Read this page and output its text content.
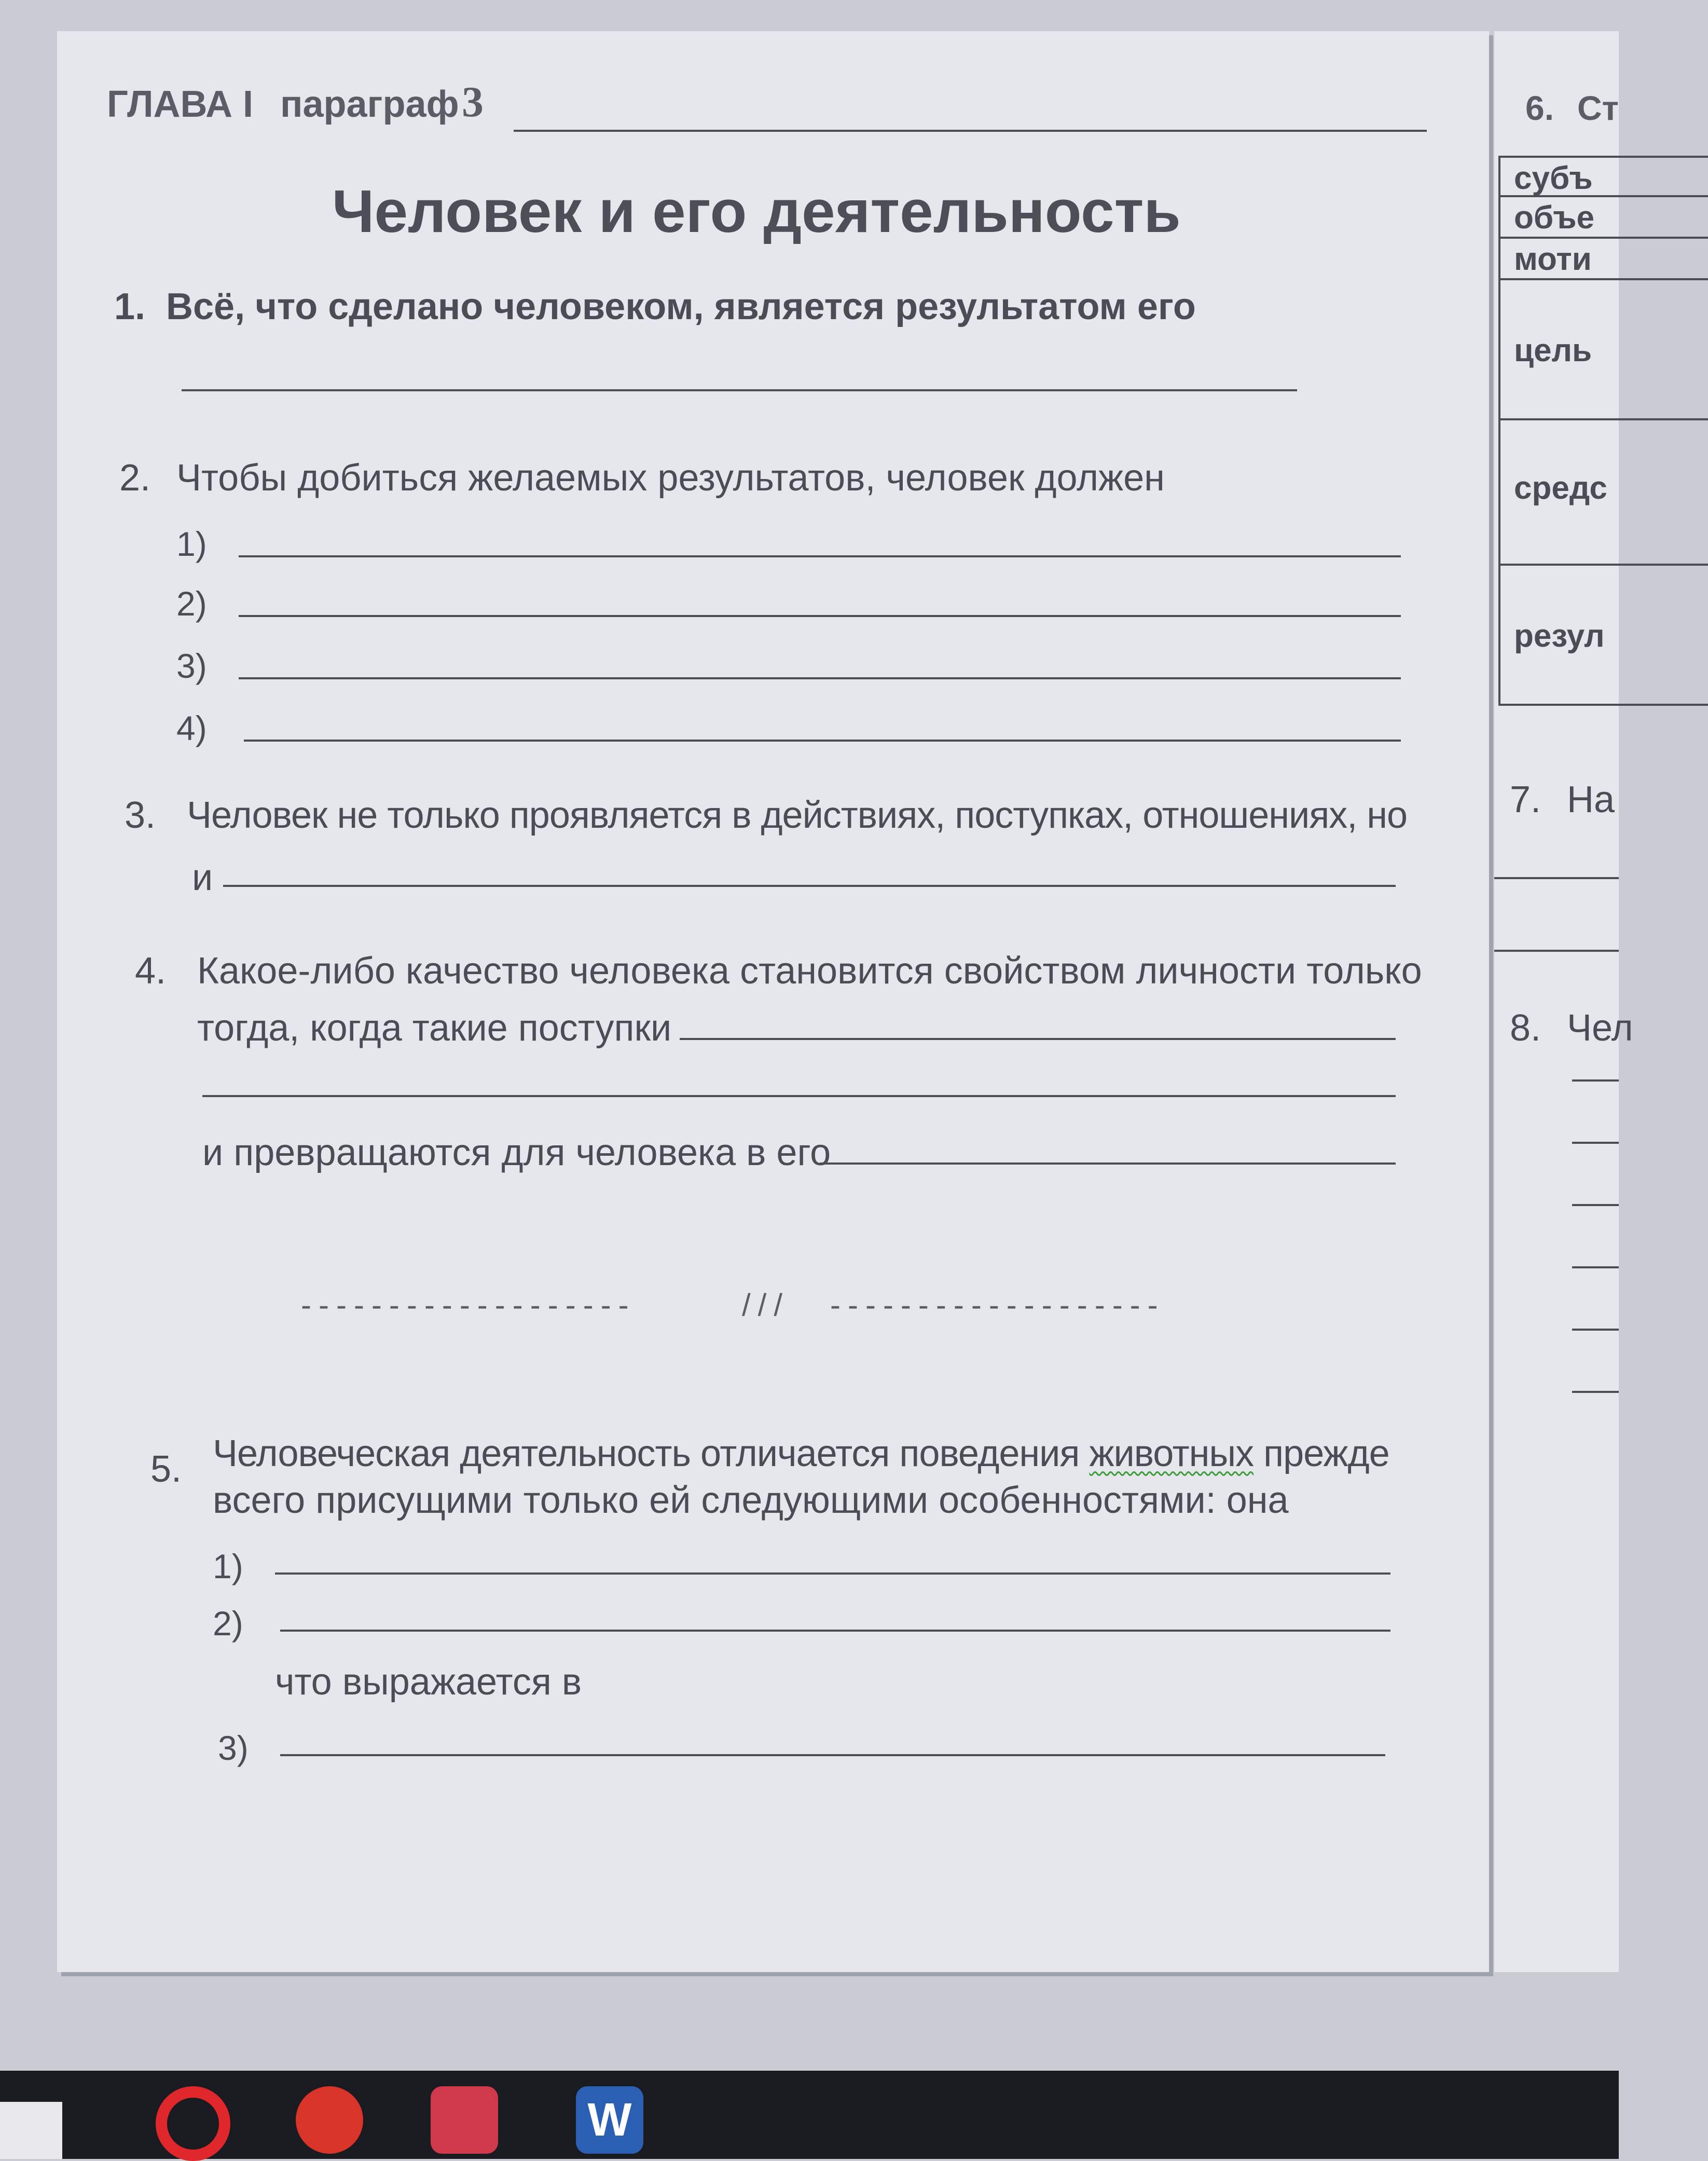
ГЛАВА I параграф 3
Человек и его деятельность
1. Всё, что сделано человеком, является результатом его
2. Чтобы добиться желаемых результатов, человек должен
1)
2)
3)
4)
3. Человек не только проявляется в действиях, поступках, отношениях, но
и
4. Какое-либо качество человека становится свойством личности только
тогда, когда такие поступки
и превращаются для человека в его
-------------------	/// -------------------
5. Человеческая деятельность отличается поведения животных прежде
всего присущими только ей следующими особенностями: она
1)
2)
что выражается в
3)
6. Ст
субъ
объе
моти
цель
средс
резул
7. На
8. Чел
W
